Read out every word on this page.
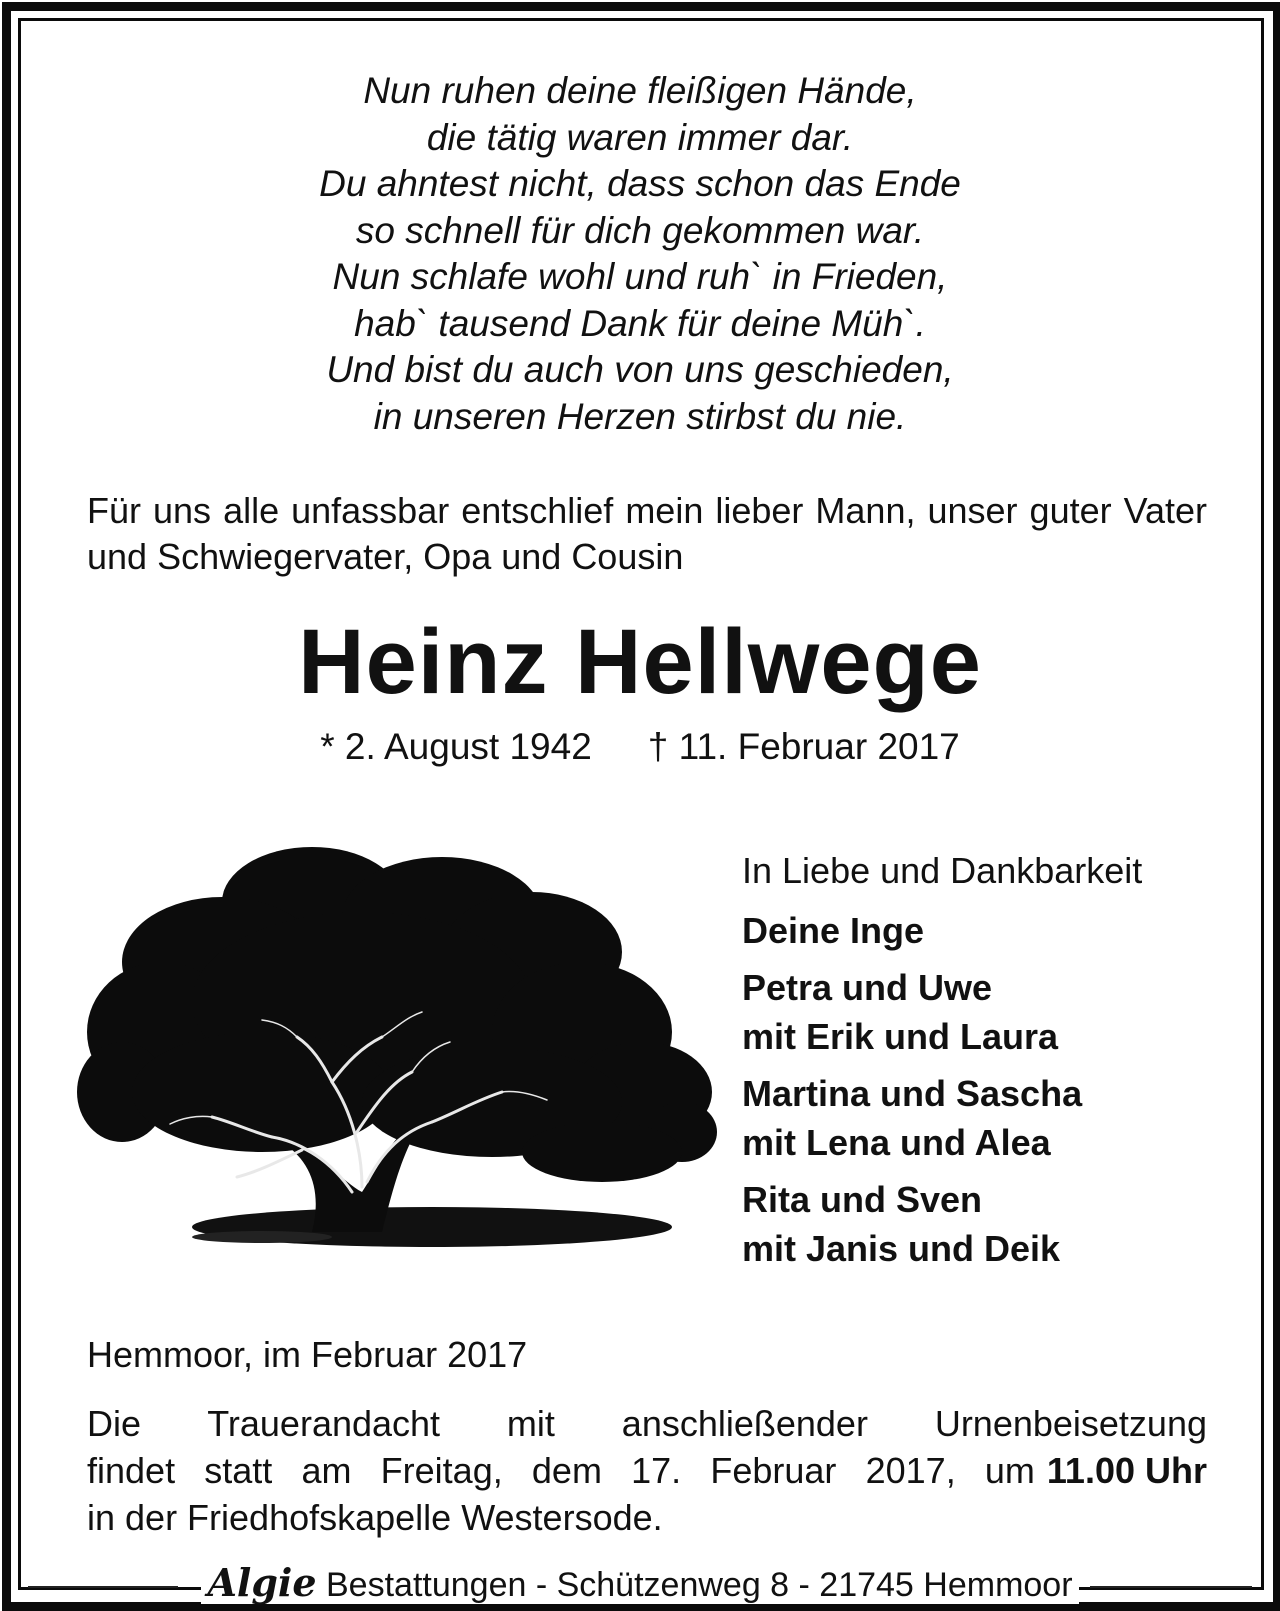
Nun ruhen deine fleißigen Hände,
die tätig waren immer dar.
Du ahntest nicht, dass schon das Ende
so schnell für dich gekommen war.
Nun schlafe wohl und ruh` in Frieden,
hab` tausend Dank für deine Müh`.
Und bist du auch von uns geschieden,
in unseren Herzen stirbst du nie.
Für uns alle unfassbar entschlief mein lieber Mann, unser guter Vater und Schwiegervater, Opa und Cousin
Heinz Hellwege
* 2. August 1942 † 11. Februar 2017
In Liebe und Dankbarkeit
Deine Inge
Petra und Uwe
mit Erik und Laura
Martina und Sascha
mit Lena und Alea
Rita und Sven
mit Janis und Deik
Hemmoor, im Februar 2017
Die Trauerandacht mit anschließender Urnenbeisetzung
findet statt am Freitag, dem 17. Februar 2017, um 11.00 Uhr
in der Friedhofskapelle Westersode.
Algie Bestattungen - Schützenweg 8 - 21745 Hemmoor
